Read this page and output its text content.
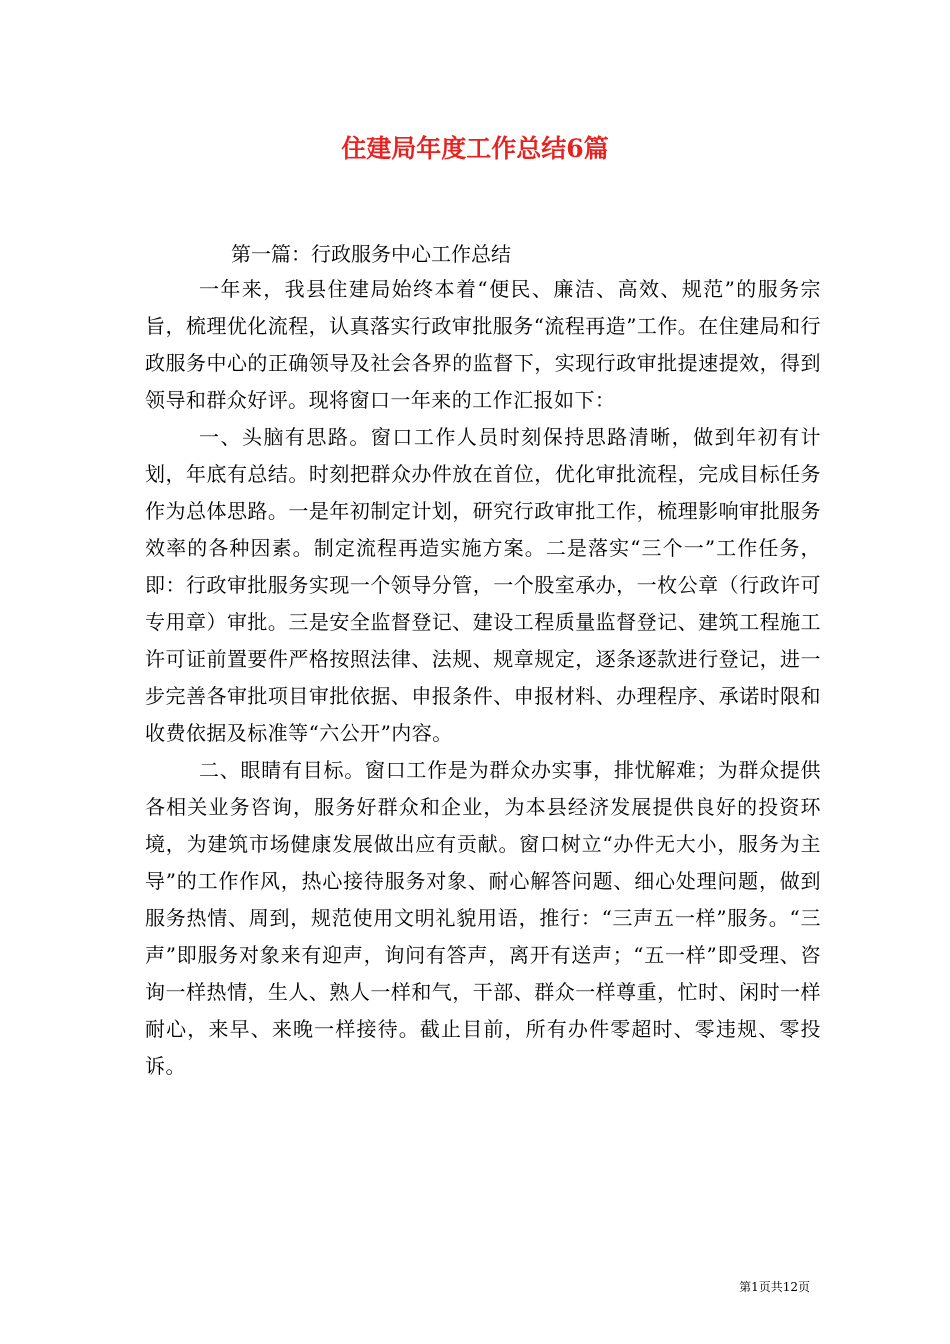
住建局年度工作总结6篇

第一篇：行政服务中心工作总结

一年来，我县住建局始终本着“便民、廉洁、高效、规范”的服务宗旨，梳理优化流程，认真落实行政审批服务“流程再造”工作。在住建局和行政服务中心的正确领导及社会各界的监督下，实现行政审批提速提效，得到领导和群众好评。现将窗口一年来的工作汇报如下：

一、头脑有思路。窗口工作人员时刻保持思路清晰，做到年初有计划，年底有总结。时刻把群众办件放在首位，优化审批流程，完成目标任务作为总体思路。一是年初制定计划，研究行政审批工作，梳理影响审批服务效率的各种因素。制定流程再造实施方案。二是落实“三个一”工作任务，即：行政审批服务实现一个领导分管，一个股室承办，一枚公章（行政许可专用章）审批。三是安全监督登记、建设工程质量监督登记、建筑工程施工许可证前置要件严格按照法律、法规、规章规定，逐条逐款进行登记，进一步完善各审批项目审批依据、申报条件、申报材料、办理程序、承诺时限和收费依据及标准等“六公开”内容。

二、眼睛有目标。窗口工作是为群众办实事，排忧解难；为群众提供各相关业务咨询，服务好群众和企业，为本县经济发展提供良好的投资环境，为建筑市场健康发展做出应有贡献。窗口树立“办件无大小，服务为主导”的工作作风，热心接待服务对象、耐心解答问题、细心处理问题，做到服务热情、周到，规范使用文明礼貌用语，推行：“三声五一样”服务。“三声”即服务对象来有迎声，询问有答声，离开有送声；“五一样”即受理、咨询一样热情，生人、熟人一样和气，干部、群众一样尊重，忙时、闲时一样耐心，来早、来晚一样接待。截止目前，所有办件零超时、零违规、零投诉。

第1页共12页
